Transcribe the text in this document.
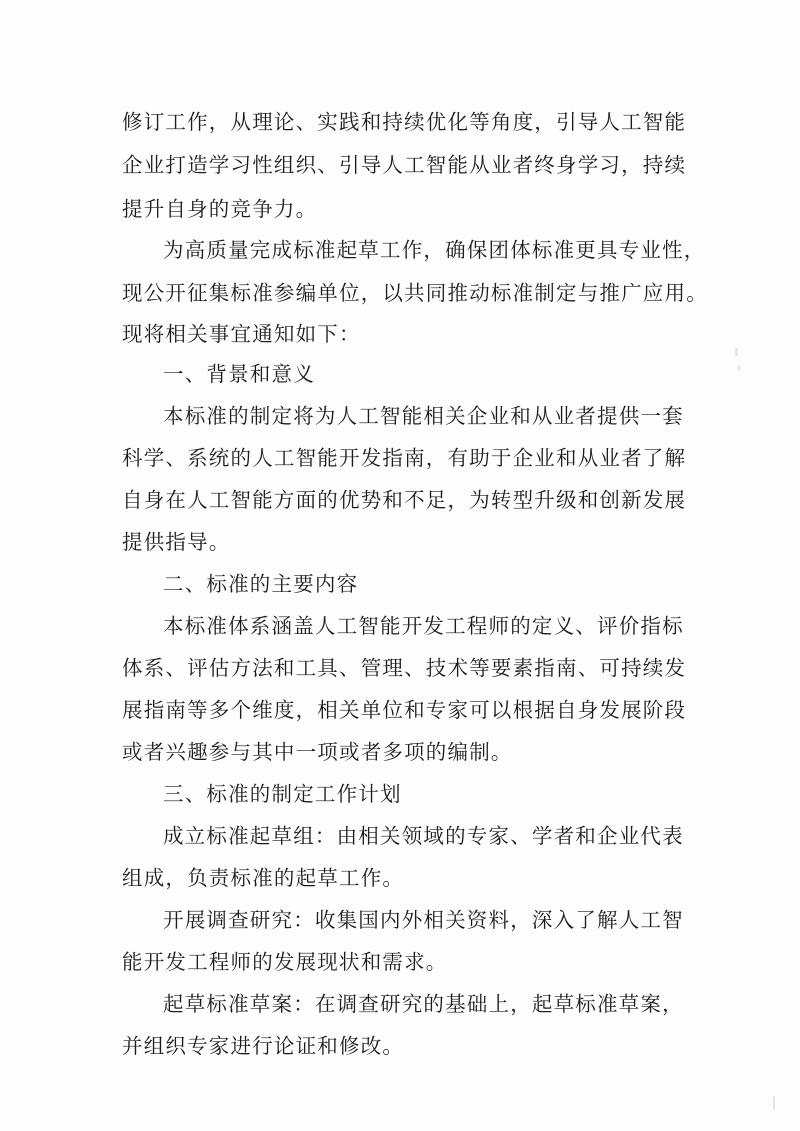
修订工作，从理论、实践和持续优化等角度，引导人工智能
企业打造学习性组织、引导人工智能从业者终身学习，持续
提升自身的竞争力。
为高质量完成标准起草工作，确保团体标准更具专业性，
现公开征集标准参编单位，以共同推动标准制定与推广应用。
现将相关事宜通知如下：
一、背景和意义
本标准的制定将为人工智能相关企业和从业者提供一套
科学、系统的人工智能开发指南，有助于企业和从业者了解
自身在人工智能方面的优势和不足，为转型升级和创新发展
提供指导。
二、标准的主要内容
本标准体系涵盖人工智能开发工程师的定义、评价指标
体系、评估方法和工具、管理、技术等要素指南、可持续发
展指南等多个维度，相关单位和专家可以根据自身发展阶段
或者兴趣参与其中一项或者多项的编制。
三、标准的制定工作计划
成立标准起草组：由相关领域的专家、学者和企业代表
组成，负责标准的起草工作。
开展调查研究：收集国内外相关资料，深入了解人工智
能开发工程师的发展现状和需求。
起草标准草案：在调查研究的基础上，起草标准草案，
并组织专家进行论证和修改。
